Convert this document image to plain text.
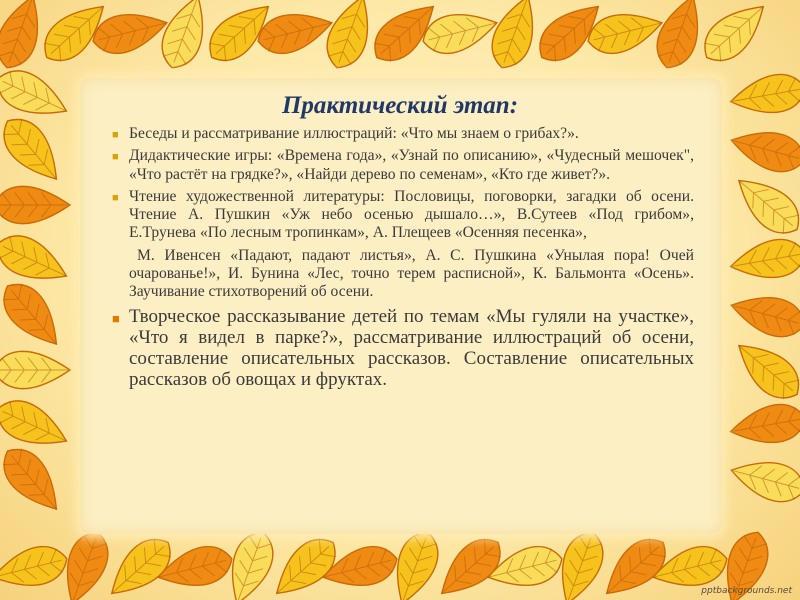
Практический этап:
■ Беседы и рассматривание иллюстраций: «Что мы знаем о грибах?».
■ Дидактические игры: «Времена года», «Узнай по описанию», «Чудесный мешочек", «Что растёт на грядке?», «Найди дерево по семенам», «Кто где живет?».
■ Чтение художественной литературы: Пословицы, поговорки, загадки об осени. Чтение А. Пушкин «Уж небо осенью дышало…», В.Сутеев «Под грибом», Е.Трунева «По лесным тропинкам», А. Плещеев «Осенняя песенка»,
М. Ивенсен «Падают, падают листья», А. С. Пушкина «Унылая пора! Очей очарованье!», И. Бунина «Лес, точно терем расписной», К. Бальмонта «Осень». Заучивание стихотворений об осени.
■ Творческое рассказывание детей по темам «Мы гуляли на участке», «Что я видел в парке?», рассматривание иллюстраций об осени, составление описательных рассказов. Составление описательных рассказов об овощах и фруктах.
pptbackgrounds.net
